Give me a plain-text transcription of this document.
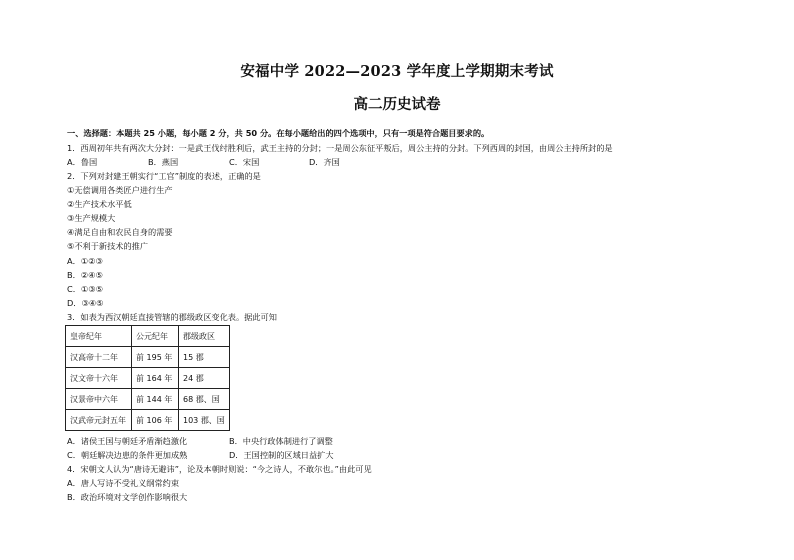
安福中学 2022—2023 学年度上学期期末考试
高二历史试卷
一、选择题：本题共 25 小题，每小题 2 分，共 50 分。在每小题给出的四个选项中，只有一项是符合题目要求的。
1．西周初年共有两次大分封：一是武王伐纣胜利后，武王主持的分封；一是周公东征平叛后，周公主持的分封。下列西周的封国，由周公主持所封的是
A．鲁国	B．燕国	C．宋国	D．齐国
2．下列对封建王朝实行“工官”制度的表述，正确的是
①无偿调用各类匠户进行生产
②生产技术水平低
③生产规模大
④满足自由和农民自身的需要
⑤不利于新技术的推广
A．①②③
B．②④⑤
C．①③⑤
D．③④⑤
3．如表为西汉朝廷直接管辖的郡级政区变化表。据此可知
皇帝纪年	公元纪年	郡级政区
汉高帝十二年	前 195 年	15 郡
汉文帝十六年	前 164 年	24 郡
汉景帝中六年	前 144 年	68 郡、国
汉武帝元封五年	前 106 年	103 郡、国
A．诸侯王国与朝廷矛盾渐趋激化	B．中央行政体制进行了调整
C．朝廷解决边患的条件更加成熟	D．王国控制的区域日益扩大
4．宋朝文人认为“唐诗无避讳”，论及本朝时则说：“今之诗人，不敢尔也。”由此可见
A．唐人写诗不受礼义纲常约束
B．政治环境对文学创作影响很大
